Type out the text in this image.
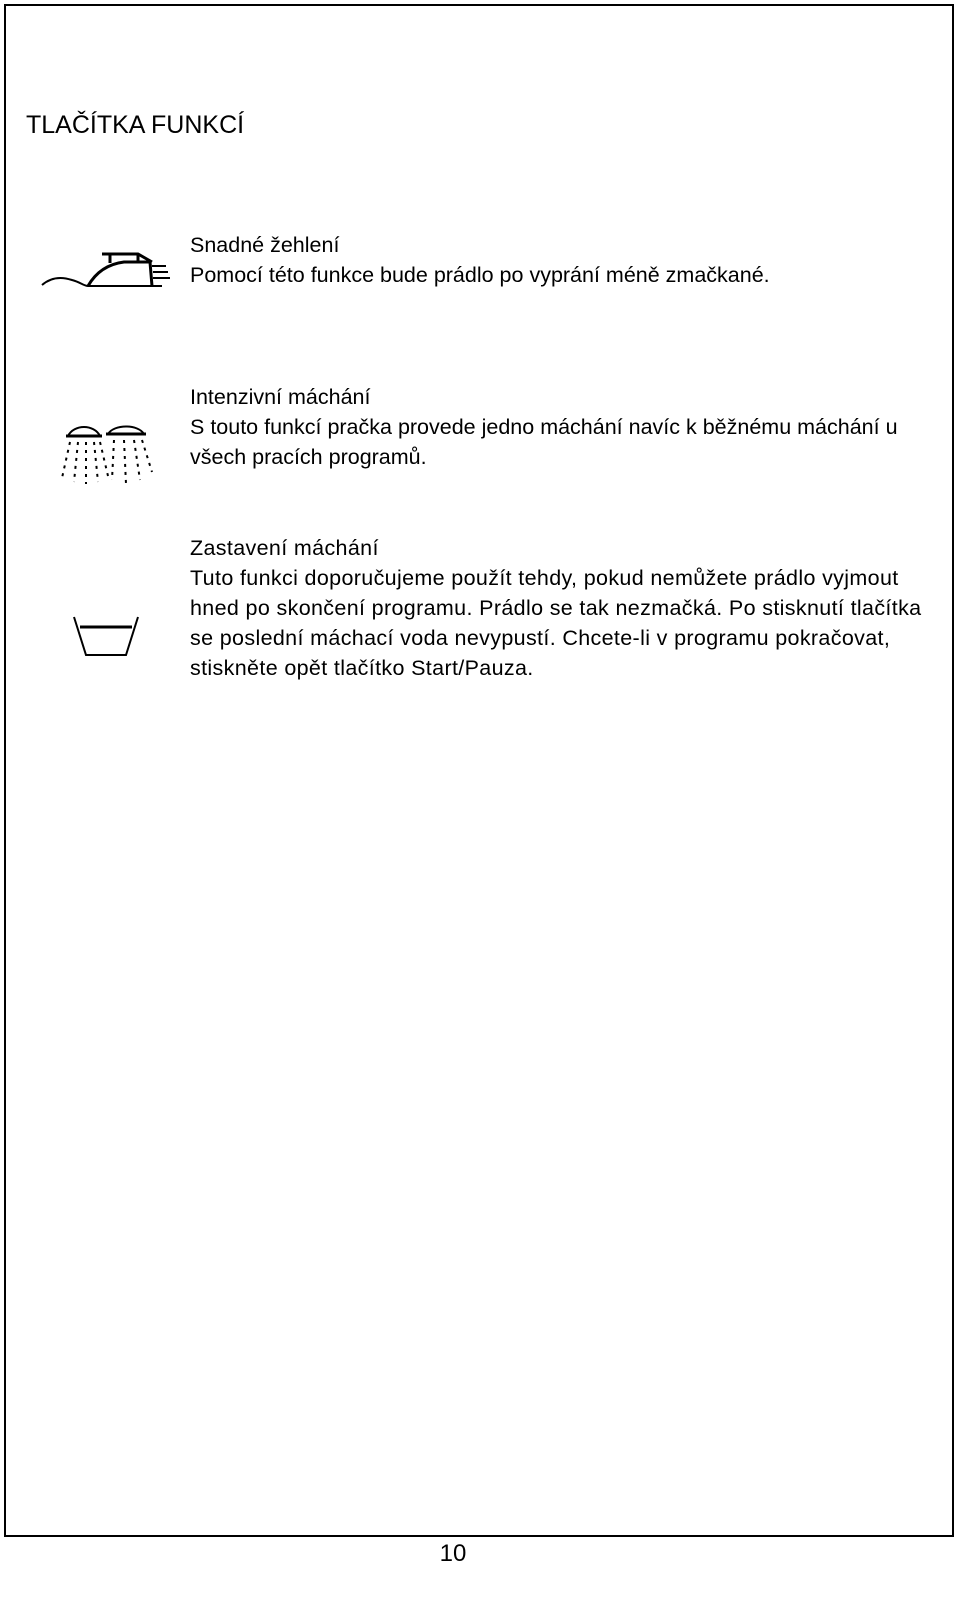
TLAČÍTKA FUNKCÍ
Snadné žehlení
Pomocí této funkce bude prádlo po vyprání méně zmačkané.
Intenzivní máchání
S touto funkcí pračka provede jedno máchání navíc k běžnému máchání u všech pracích programů.
Zastavení máchání
Tuto funkci doporučujeme použít tehdy, pokud nemůžete prádlo vyjmout hned po skončení programu. Prádlo se tak nezmačká. Po stisknutí tlačítka se poslední máchací voda nevypustí. Chcete-li v programu pokračovat, stiskněte opět tlačítko Start/Pauza.
10
